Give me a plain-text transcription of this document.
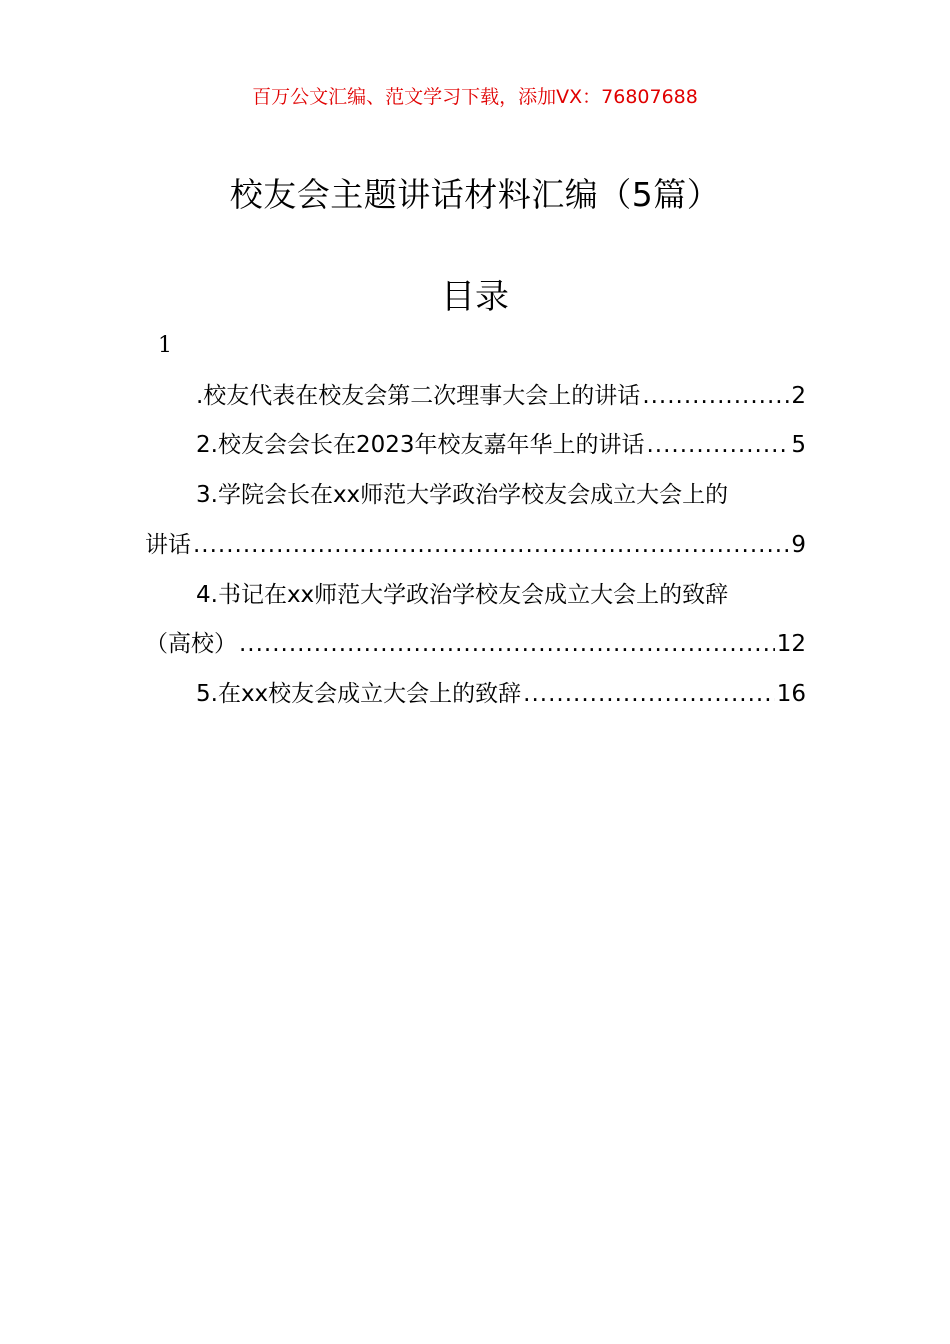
百万公文汇编、范文学习下载，添加VX：76807688
校友会主题讲话材料汇编（5篇）
目录
1
.校友代表在校友会第二次理事大会上的讲话 .....	2
2.校友会会长在2023年校友嘉年华上的讲话 .....	5
3.学院会长在xx师范大学政治学校友会成立大会上的
讲话 .....	9
4.书记在xx师范大学政治学校友会成立大会上的致辞
（高校） .....	12
5.在xx校友会成立大会上的致辞 .....	16
